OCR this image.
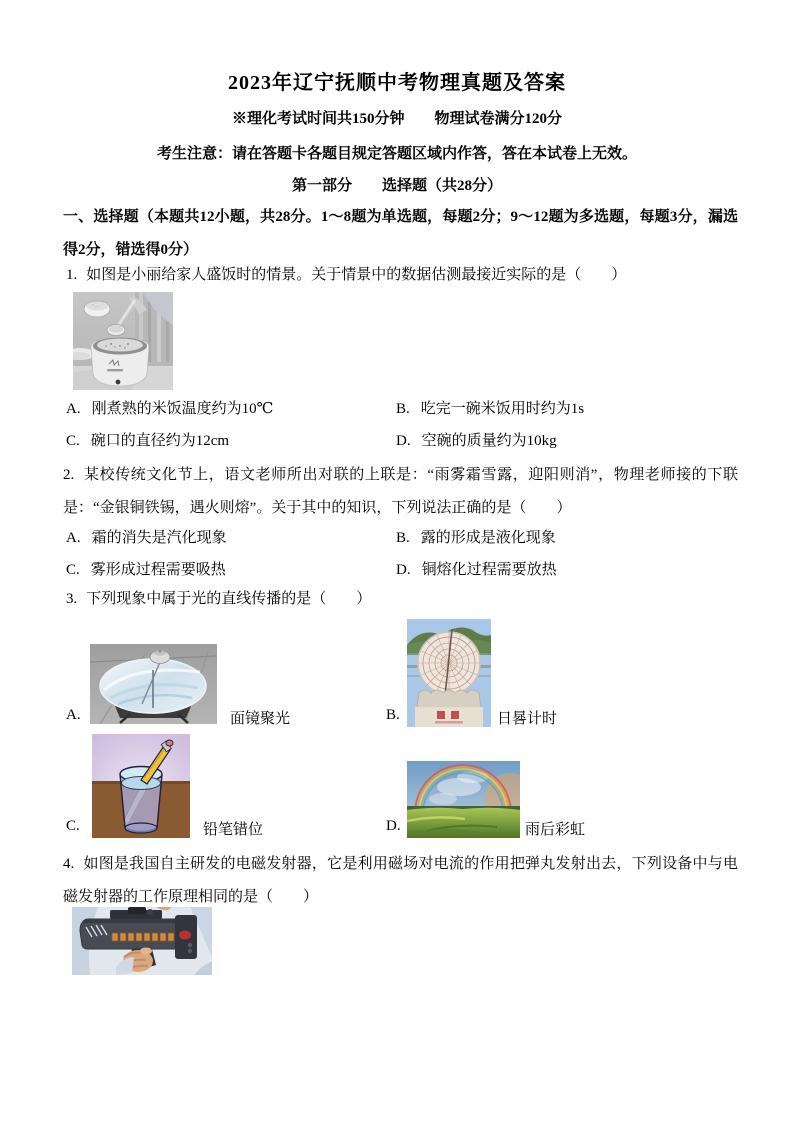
2023年辽宁抚顺中考物理真题及答案
※理化考试时间共150分钟　　物理试卷满分120分
考生注意：请在答题卡各题目规定答题区域内作答，答在本试卷上无效。
第一部分　　选择题（共28分）
一、选择题（本题共12小题，共28分。1～8题为单选题，每题2分；9～12题为多选题，每题3分，漏选得2分，错选得0分）
1. 如图是小丽给家人盛饭时的情景。关于情景中的数据估测最接近实际的是（　　）
A. 刚煮熟的米饭温度约为10℃	B. 吃完一碗米饭用时约为1s
C. 碗口的直径约为12cm	D. 空碗的质量约为10kg
2. 某校传统文化节上，语文老师所出对联的上联是：“雨雾霜雪露，迎阳则消”，物理老师接的下联是：“金银铜铁锡，遇火则熔”。关于其中的知识，下列说法正确的是（　　）
A. 霜的消失是汽化现象	B. 露的形成是液化现象
C. 雾形成过程需要吸热	D. 铜熔化过程需要放热
3. 下列现象中属于光的直线传播的是（　　）
A.	面镜聚光	B.	日晷计时
C.	铅笔错位	D.	雨后彩虹
4. 如图是我国自主研发的电磁发射器，它是利用磁场对电流的作用把弹丸发射出去，下列设备中与电磁发射器的工作原理相同的是（　　）
